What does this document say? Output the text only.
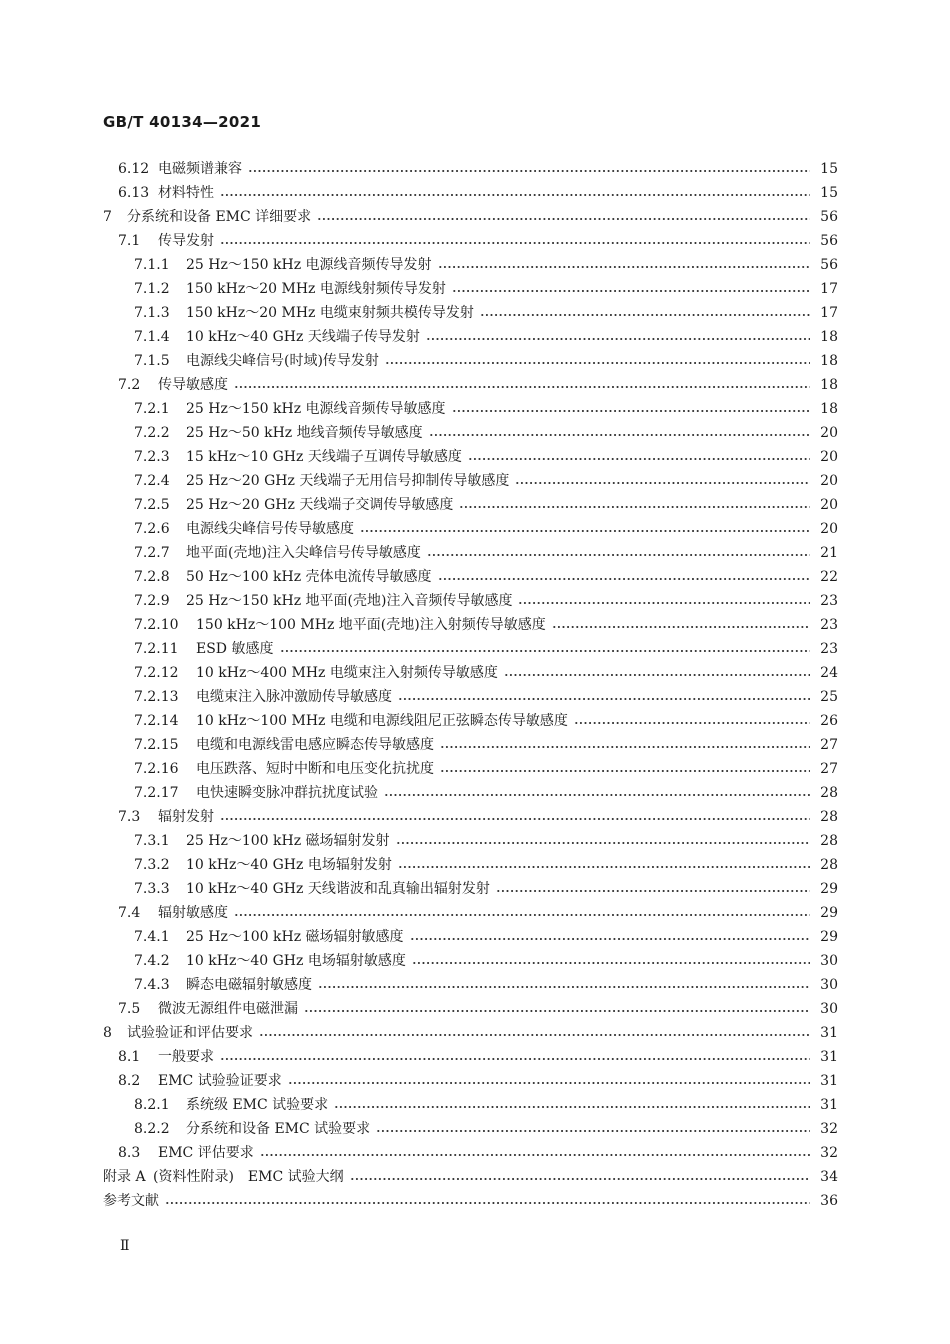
GB/T 40134—2021
6.12 电磁频谱兼容	15
6.13 材料特性	15
7	分系统和设备 EMC 详细要求	56
7.1	传导发射	56
7.1.1	25 Hz～150 kHz 电源线音频传导发射	56
7.1.2	150 kHz～20 MHz 电源线射频传导发射	17
7.1.3	150 kHz～20 MHz 电缆束射频共模传导发射	17
7.1.4	10 kHz～40 GHz 天线端子传导发射	18
7.1.5	电源线尖峰信号(时域)传导发射	18
7.2	传导敏感度	18
7.2.1	25 Hz～150 kHz 电源线音频传导敏感度	18
7.2.2	25 Hz～50 kHz 地线音频传导敏感度	20
7.2.3	15 kHz～10 GHz 天线端子互调传导敏感度	20
7.2.4	25 Hz～20 GHz 天线端子无用信号抑制传导敏感度	20
7.2.5	25 Hz～20 GHz 天线端子交调传导敏感度	20
7.2.6	电源线尖峰信号传导敏感度	20
7.2.7	地平面(壳地)注入尖峰信号传导敏感度	21
7.2.8	50 Hz～100 kHz 壳体电流传导敏感度	22
7.2.9	25 Hz～150 kHz 地平面(壳地)注入音频传导敏感度	23
7.2.10	150 kHz～100 MHz 地平面(壳地)注入射频传导敏感度	23
7.2.11	ESD 敏感度	23
7.2.12	10 kHz～400 MHz 电缆束注入射频传导敏感度	24
7.2.13	电缆束注入脉冲激励传导敏感度	25
7.2.14	10 kHz～100 MHz 电缆和电源线阻尼正弦瞬态传导敏感度	26
7.2.15	电缆和电源线雷电感应瞬态传导敏感度	27
7.2.16	电压跌落、短时中断和电压变化抗扰度	27
7.2.17	电快速瞬变脉冲群抗扰度试验	28
7.3	辐射发射	28
7.3.1	25 Hz～100 kHz 磁场辐射发射	28
7.3.2	10 kHz～40 GHz 电场辐射发射	28
7.3.3	10 kHz～40 GHz 天线谐波和乱真输出辐射发射	29
7.4	辐射敏感度	29
7.4.1	25 Hz～100 kHz 磁场辐射敏感度	29
7.4.2	10 kHz～40 GHz 电场辐射敏感度	30
7.4.3	瞬态电磁辐射敏感度	30
7.5	微波无源组件电磁泄漏	30
8	试验验证和评估要求	31
8.1	一般要求	31
8.2	EMC 试验验证要求	31
8.2.1	系统级 EMC 试验要求	31
8.2.2	分系统和设备 EMC 试验要求	32
8.3	EMC 评估要求	32
附录 A (资料性附录)　EMC 试验大纲	34
参考文献	36
Ⅱ
